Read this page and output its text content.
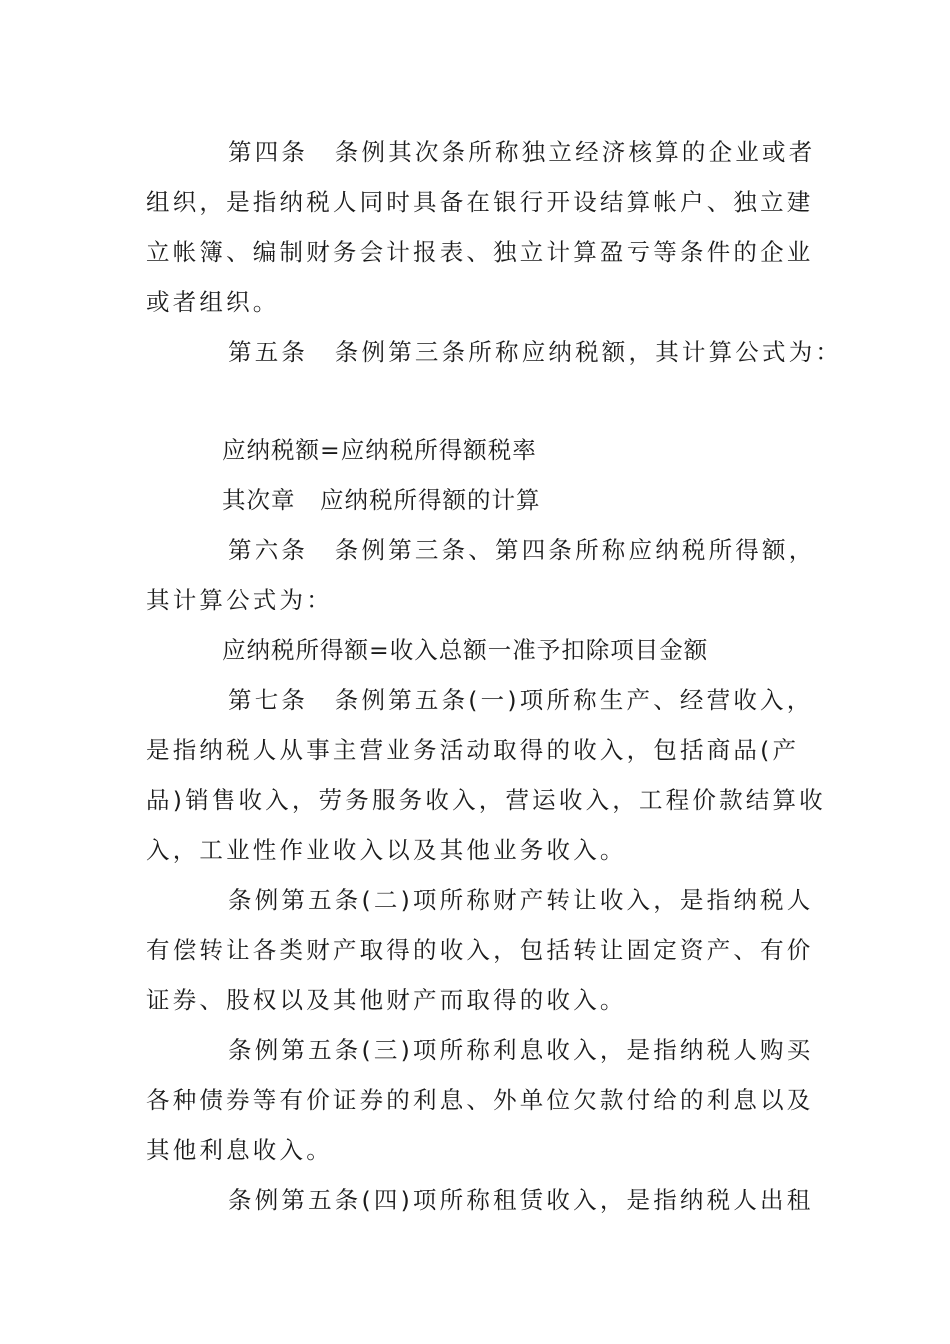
第四条　条例其次条所称独立经济核算的企业或者
组织，是指纳税人同时具备在银行开设结算帐户、独立建
立帐簿、编制财务会计报表、独立计算盈亏等条件的企业
或者组织。
第五条　条例第三条所称应纳税额，其计算公式为：
应纳税额=应纳税所得额税率
其次章　应纳税所得额的计算
第六条　条例第三条、第四条所称应纳税所得额，
其计算公式为：
应纳税所得额=收入总额一准予扣除项目金额
第七条　条例第五条(一)项所称生产、经营收入，
是指纳税人从事主营业务活动取得的收入，包括商品(产
品)销售收入，劳务服务收入，营运收入，工程价款结算收
入，工业性作业收入以及其他业务收入。
条例第五条(二)项所称财产转让收入，是指纳税人
有偿转让各类财产取得的收入，包括转让固定资产、有价
证券、股权以及其他财产而取得的收入。
条例第五条(三)项所称利息收入，是指纳税人购买
各种债券等有价证券的利息、外单位欠款付给的利息以及
其他利息收入。
条例第五条(四)项所称租赁收入，是指纳税人出租
